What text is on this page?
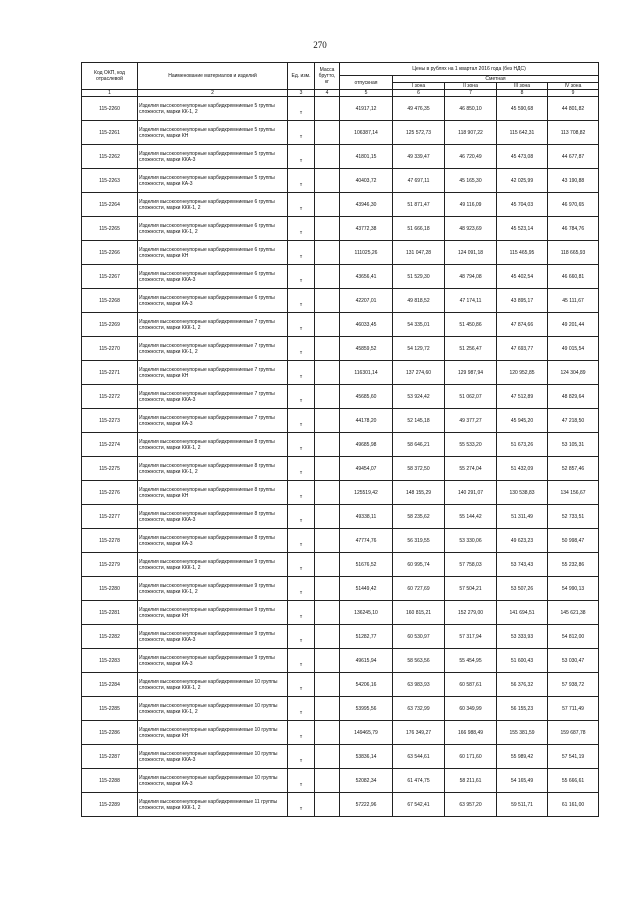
270
Код ОКП, код отраслевой	Наименование материалов и изделий	Ед. изм.	Масса брутто, кг	Цены в рублях на 1 квартал 2016 года (без НДС)				
				отпускная	Сметная			
					I зона	II зона	III зона	IV зона
1	2	3	4	5	6	7	8	9
115-2260	Изделия высокоогнеупорные карбидкремниевые 5 группы сложности, марки КК-1, 2	т		41917,12	49 476,35	46 850,10	45 590,68	44 801,82
115-2261	Изделия высокоогнеупорные карбидкремниевые 5 группы сложности, марки КН	т		106387,14	125 572,73	118 907,22	115 642,31	113 708,82
115-2262	Изделия высокоогнеупорные карбидкремниевые 5 группы сложности, марки ККА-3	т		41801,15	49 339,47	46 720,49	45 473,08	44 677,87
115-2263	Изделия высокоогнеупорные карбидкремниевые 5 группы сложности, марки КА-3	т		40403,72	47 697,11	45 165,30	42 025,99	43 190,88
115-2264	Изделия высокоогнеупорные карбидкремниевые 6 группы сложности, марки ККК-1, 2	т		43946,30	51 871,47	49 116,09	45 704,03	46 970,65
115-2265	Изделия высокоогнеупорные карбидкремниевые 6 группы сложности, марки КК-1, 2	т		43772,38	51 666,18	48 923,69	45 523,14	46 784,76
115-2266	Изделия высокоогнеупорные карбидкремниевые 6 группы сложности, марки КН	т		111025,26	131 047,28	124 091,18	115 465,95	118 665,93
115-2267	Изделия высокоогнеупорные карбидкремниевые 6 группы сложности, марки ККА-3	т		43656,41	51 529,30	48 794,08	45 402,54	46 660,81
115-2268	Изделия высокоогнеупорные карбидкремниевые 6 группы сложности, марки КА-3	т		42207,01	49 818,52	47 174,11	43 895,17	45 111,67
115-2269	Изделия высокоогнеупорные карбидкремниевые 7 группы сложности, марки ККК-1, 2	т		46033,45	54 335,01	51 450,86	47 874,66	49 201,44
115-2270	Изделия высокоогнеупорные карбидкремниевые 7 группы сложности, марки КК-1, 2	т		45859,52	54 129,72	51 256,47	47 693,77	49 015,54
115-2271	Изделия высокоогнеупорные карбидкремниевые 7 группы сложности, марки КН	т		116301,14	137 274,60	129 987,94	120 952,85	124 304,89
115-2272	Изделия высокоогнеупорные карбидкремниевые 7 группы сложности, марки ККА-3	т		45685,60	53 924,42	51 062,07	47 512,89	48 829,64
115-2273	Изделия высокоогнеупорные карбидкремниевые 7 группы сложности, марки КА-3	т		44178,20	52 145,18	49 377,27	45 945,20	47 218,50
115-2274	Изделия высокоогнеупорные карбидкремниевые 8 группы сложности, марки ККК-1, 2	т		49685,98	58 646,21	55 533,20	51 673,26	53 105,31
115-2275	Изделия высокоогнеупорные карбидкремниевые 8 группы сложности, марки КК-1, 2	т		49454,07	58 372,50	55 274,04	51 432,09	52 857,46
115-2276	Изделия высокоогнеупорные карбидкремниевые 8 группы сложности, марки КН	т		125519,42	148 155,29	140 291,07	130 538,83	134 156,67
115-2277	Изделия высокоогнеупорные карбидкремниевые 8 группы сложности, марки ККА-3	т		49338,11	58 235,62	55 144,42	51 311,49	52 733,51
115-2278	Изделия высокоогнеупорные карбидкремниевые 8 группы сложности, марки КА-3	т		47774,76	56 319,55	53 330,06	49 623,23	50 998,47
115-2279	Изделия высокоогнеупорные карбидкремниевые 9 группы сложности, марки ККК-1, 2	т		51676,52	60 995,74	57 758,03	53 743,43	55 232,86
115-2280	Изделия высокоогнеупорные карбидкремниевые 9 группы сложности, марки КК-1, 2	т		51449,42	60 727,69	57 504,21	53 507,26	54 990,13
115-2281	Изделия высокоогнеупорные карбидкремниевые 9 группы сложности, марки КН	т		136245,10	160 815,21	152 279,00	141 694,51	145 621,38
115-2282	Изделия высокоогнеупорные карбидкремниевые 9 группы сложности, марки ККА-3	т		51282,77	60 530,97	57 317,94	53 333,93	54 812,00
115-2283	Изделия высокоогнеупорные карбидкремниевые 9 группы сложности, марки КА-3	т		49615,94	58 563,56	55 454,95	51 600,43	53 030,47
115-2284	Изделия высокоогнеупорные карбидкремниевые 10 группы сложности, марки ККК-1, 2	т		54206,16	63 983,93	60 587,61	56 376,32	57 938,72
115-2285	Изделия высокоогнеупорные карбидкремниевые 10 группы сложности, марки КК-1, 2	т		53995,56	63 732,99	60 349,99	56 155,23	57 711,49
115-2286	Изделия высокоогнеупорные карбидкремниевые 10 группы сложности, марки КН	т		149465,79	176 349,27	166 988,49	155 381,59	159 687,78
115-2287	Изделия высокоогнеупорные карбидкремниевые 10 группы сложности, марки ККА-3	т		53836,14	63 544,61	60 171,60	55 989,42	57 541,19
115-2288	Изделия высокоогнеупорные карбидкремниевые 10 группы сложности, марки КА-3	т		52082,34	61 474,75	58 211,61	54 165,49	55 666,61
115-2289	Изделия высокоогнеупорные карбидкремниевые 11 группы сложности, марки ККК-1, 2	т		57222,96	67 542,41	63 957,20	59 511,71	61 161,00
